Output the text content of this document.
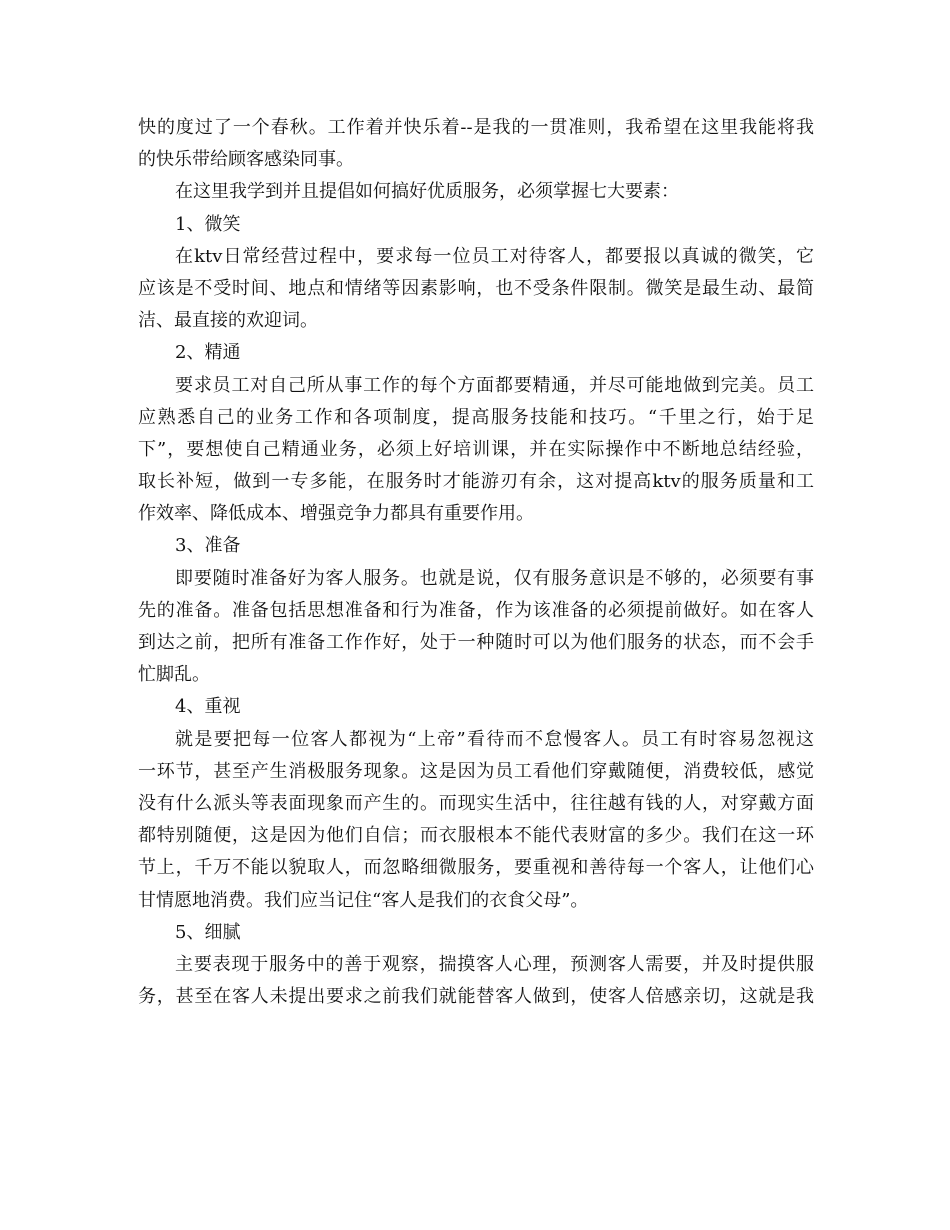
快的度过了一个春秋。工作着并快乐着--是我的一贯准则，我希望在这里我能将我
的快乐带给顾客感染同事。
在这里我学到并且提倡如何搞好优质服务，必须掌握七大要素：
1、微笑
在ktv日常经营过程中，要求每一位员工对待客人，都要报以真诚的微笑，它
应该是不受时间、地点和情绪等因素影响，也不受条件限制。微笑是最生动、最简
洁、最直接的欢迎词。
2、精通
要求员工对自己所从事工作的每个方面都要精通，并尽可能地做到完美。员工
应熟悉自己的业务工作和各项制度，提高服务技能和技巧。“千里之行，始于足
下”，要想使自己精通业务，必须上好培训课，并在实际操作中不断地总结经验，
取长补短，做到一专多能，在服务时才能游刃有余，这对提高ktv的服务质量和工
作效率、降低成本、增强竞争力都具有重要作用。
3、准备
即要随时准备好为客人服务。也就是说，仅有服务意识是不够的，必须要有事
先的准备。准备包括思想准备和行为准备，作为该准备的必须提前做好。如在客人
到达之前，把所有准备工作作好，处于一种随时可以为他们服务的状态，而不会手
忙脚乱。
4、重视
就是要把每一位客人都视为“上帝”看待而不怠慢客人。员工有时容易忽视这
一环节，甚至产生消极服务现象。这是因为员工看他们穿戴随便，消费较低，感觉
没有什么派头等表面现象而产生的。而现实生活中，往往越有钱的人，对穿戴方面
都特别随便，这是因为他们自信；而衣服根本不能代表财富的多少。我们在这一环
节上，千万不能以貌取人，而忽略细微服务，要重视和善待每一个客人，让他们心
甘情愿地消费。我们应当记住“客人是我们的衣食父母”。
5、细腻
主要表现于服务中的善于观察，揣摸客人心理，预测客人需要，并及时提供服
务，甚至在客人未提出要求之前我们就能替客人做到，使客人倍感亲切，这就是我
